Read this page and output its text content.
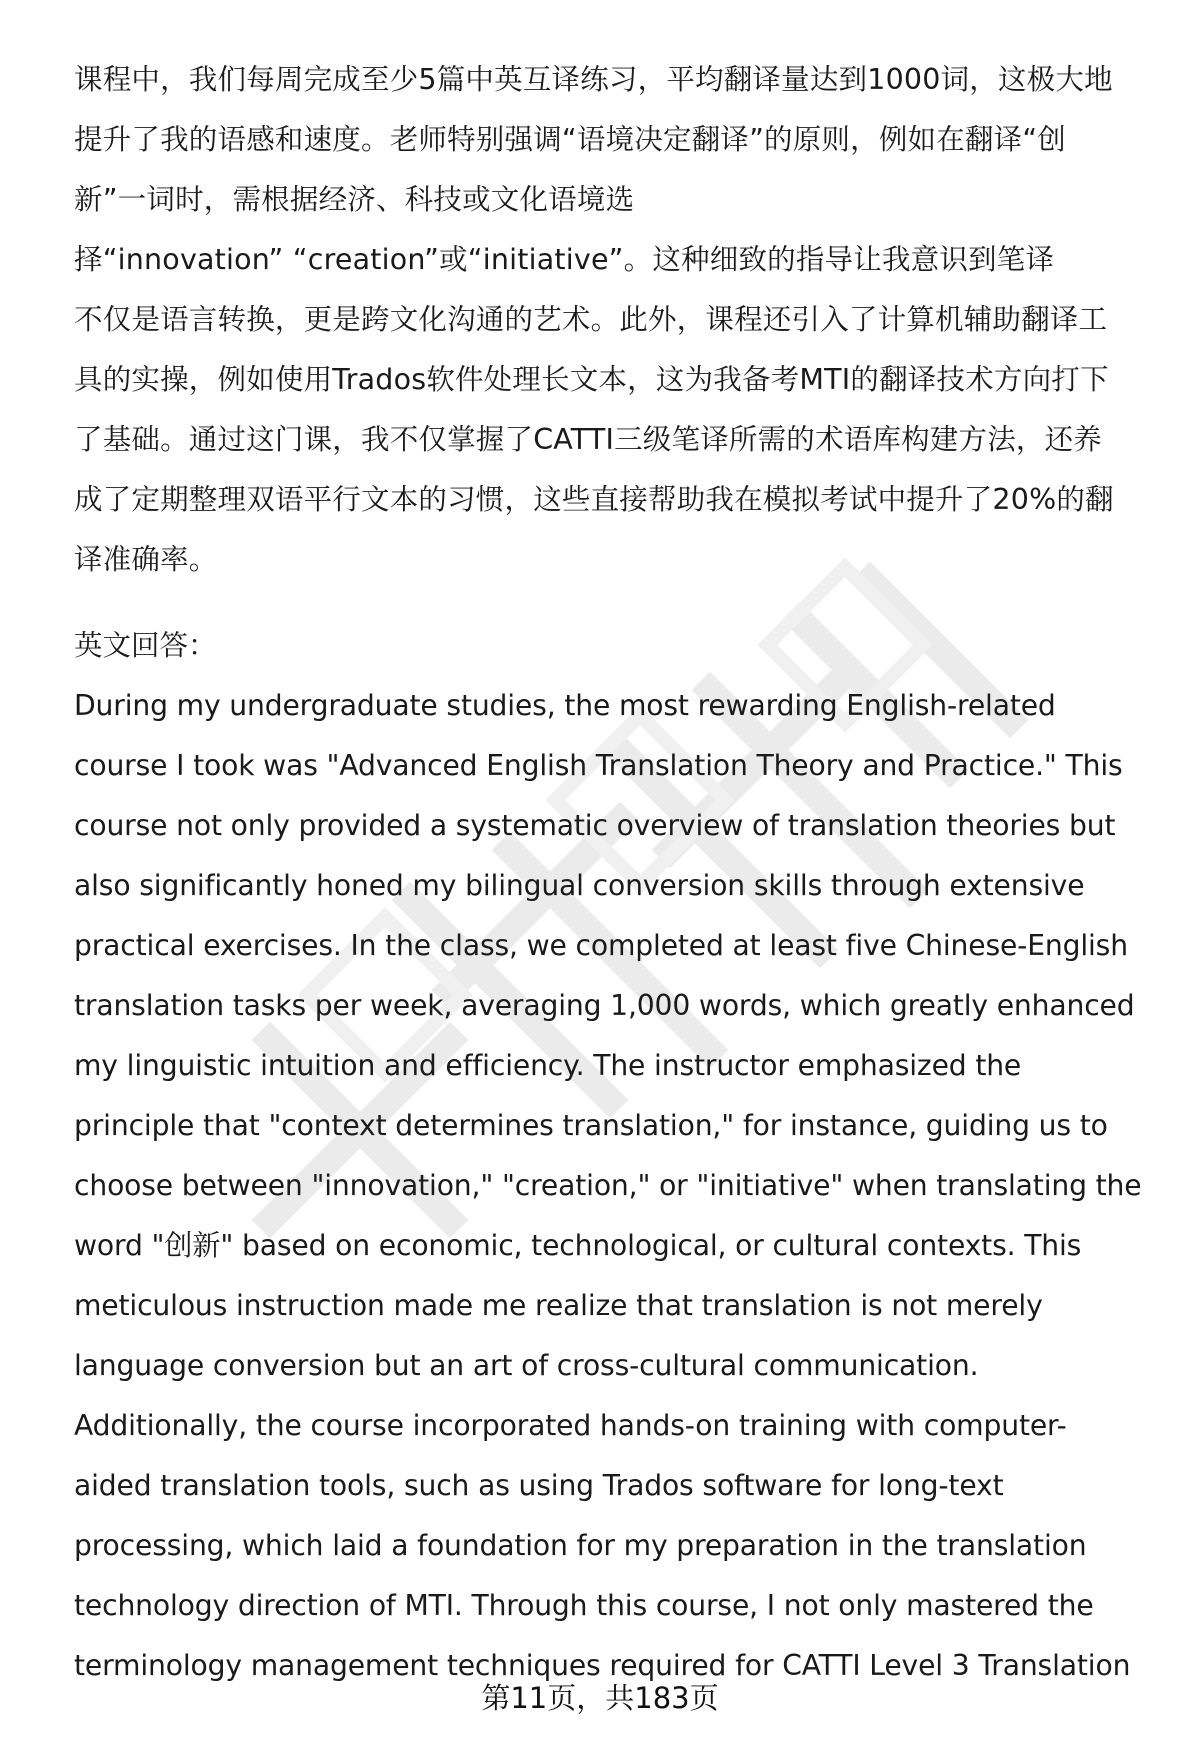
课程中，我们每周完成至少5篇中英互译练习，平均翻译量达到1000词，这极大地
提升了我的语感和速度。老师特别强调“语境决定翻译”的原则，例如在翻译“创
新”一词时，需根据经济、科技或文化语境选
择“innovation” “creation”或“initiative”。这种细致的指导让我意识到笔译
不仅是语言转换，更是跨文化沟通的艺术。此外，课程还引入了计算机辅助翻译工
具的实操，例如使用Trados软件处理长文本，这为我备考MTI的翻译技术方向打下
了基础。通过这门课，我不仅掌握了CATTI三级笔译所需的术语库构建方法，还养
成了定期整理双语平行文本的习惯，这些直接帮助我在模拟考试中提升了20%的翻
译准确率。
英文回答：
During my undergraduate studies, the most rewarding English-related
course I took was "Advanced English Translation Theory and Practice." This
course not only provided a systematic overview of translation theories but
also significantly honed my bilingual conversion skills through extensive
practical exercises. In the class, we completed at least five Chinese-English
translation tasks per week, averaging 1,000 words, which greatly enhanced
my linguistic intuition and efficiency. The instructor emphasized the
principle that "context determines translation," for instance, guiding us to
choose between "innovation," "creation," or "initiative" when translating the
word "创新" based on economic, technological, or cultural contexts. This
meticulous instruction made me realize that translation is not merely
language conversion but an art of cross-cultural communication.
Additionally, the course incorporated hands-on training with computer-
aided translation tools, such as using Trados software for long-text
processing, which laid a foundation for my preparation in the translation
technology direction of MTI. Through this course, I not only mastered the
terminology management techniques required for CATTI Level 3 Translation
第11页，共183页
